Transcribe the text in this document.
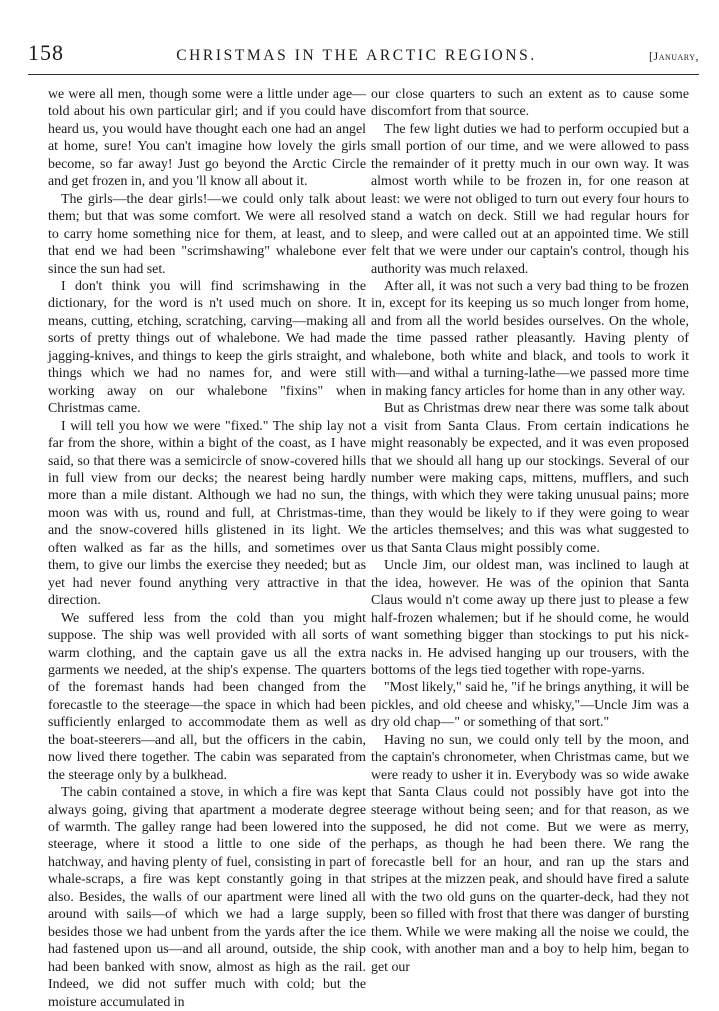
158	CHRISTMAS IN THE ARCTIC REGIONS.	[January,

we were all men, though some were a little under age—told about his own particular girl; and if you could have heard us, you would have thought each one had an angel at home, sure! You can't imagine how lovely the girls become, so far away! Just go beyond the Arctic Circle and get frozen in, and you 'll know all about it.

The girls—the dear girls!—we could only talk about them; but that was some comfort. We were all resolved to carry home something nice for them, at least, and to that end we had been "scrimshawing" whalebone ever since the sun had set.

I don't think you will find scrimshawing in the dictionary, for the word is n't used much on shore. It means, cutting, etching, scratching, carving—making all sorts of pretty things out of whalebone. We had made jagging-knives, and things to keep the girls straight, and things which we had no names for, and were still working away on our whalebone "fixins" when Christmas came.

I will tell you how we were "fixed." The ship lay not far from the shore, within a bight of the coast, as I have said, so that there was a semicircle of snow-covered hills in full view from our decks; the nearest being hardly more than a mile distant. Although we had no sun, the moon was with us, round and full, at Christmas-time, and the snow-covered hills glistened in its light. We often walked as far as the hills, and sometimes over them, to give our limbs the exercise they needed; but as yet had never found anything very attractive in that direction.

We suffered less from the cold than you might suppose. The ship was well provided with all sorts of warm clothing, and the captain gave us all the extra garments we needed, at the ship's expense. The quarters of the foremast hands had been changed from the forecastle to the steerage—the space in which had been sufficiently enlarged to accommodate them as well as the boat-steerers—and all, but the officers in the cabin, now lived there together. The cabin was separated from the steerage only by a bulkhead.

The cabin contained a stove, in which a fire was kept always going, giving that apartment a moderate degree of warmth. The galley range had been lowered into the steerage, where it stood a little to one side of the hatchway, and having plenty of fuel, consisting in part of whale-scraps, a fire was kept constantly going in that also. Besides, the walls of our apartment were lined all around with sails—of which we had a large supply, besides those we had unbent from the yards after the ice had fastened upon us—and all around, outside, the ship had been banked with snow, almost as high as the rail. Indeed, we did not suffer much with cold; but the moisture accumulated in

our close quarters to such an extent as to cause some discomfort from that source.

The few light duties we had to perform occupied but a small portion of our time, and we were allowed to pass the remainder of it pretty much in our own way. It was almost worth while to be frozen in, for one reason at least: we were not obliged to turn out every four hours to stand a watch on deck. Still we had regular hours for sleep, and were called out at an appointed time. We still felt that we were under our captain's control, though his authority was much relaxed.

After all, it was not such a very bad thing to be frozen in, except for its keeping us so much longer from home, and from all the world besides ourselves. On the whole, the time passed rather pleasantly. Having plenty of whalebone, both white and black, and tools to work it with—and withal a turning-lathe—we passed more time in making fancy articles for home than in any other way.

But as Christmas drew near there was some talk about a visit from Santa Claus. From certain indications he might reasonably be expected, and it was even proposed that we should all hang up our stockings. Several of our number were making caps, mittens, mufflers, and such things, with which they were taking unusual pains; more than they would be likely to if they were going to wear the articles themselves; and this was what suggested to us that Santa Claus might possibly come.

Uncle Jim, our oldest man, was inclined to laugh at the idea, however. He was of the opinion that Santa Claus would n't come away up there just to please a few half-frozen whalemen; but if he should come, he would want something bigger than stockings to put his nick-nacks in. He advised hanging up our trousers, with the bottoms of the legs tied together with rope-yarns.

"Most likely," said he, "if he brings anything, it will be pickles, and old cheese and whisky,"—Uncle Jim was a dry old chap—" or something of that sort."

Having no sun, we could only tell by the moon, and the captain's chronometer, when Christmas came, but we were ready to usher it in. Everybody was so wide awake that Santa Claus could not possibly have got into the steerage without being seen; and for that reason, as we supposed, he did not come. But we were as merry, perhaps, as though he had been there. We rang the forecastle bell for an hour, and ran up the stars and stripes at the mizzen peak, and should have fired a salute with the two old guns on the quarter-deck, had they not been so filled with frost that there was danger of bursting them. While we were making all the noise we could, the cook, with another man and a boy to help him, began to get our
